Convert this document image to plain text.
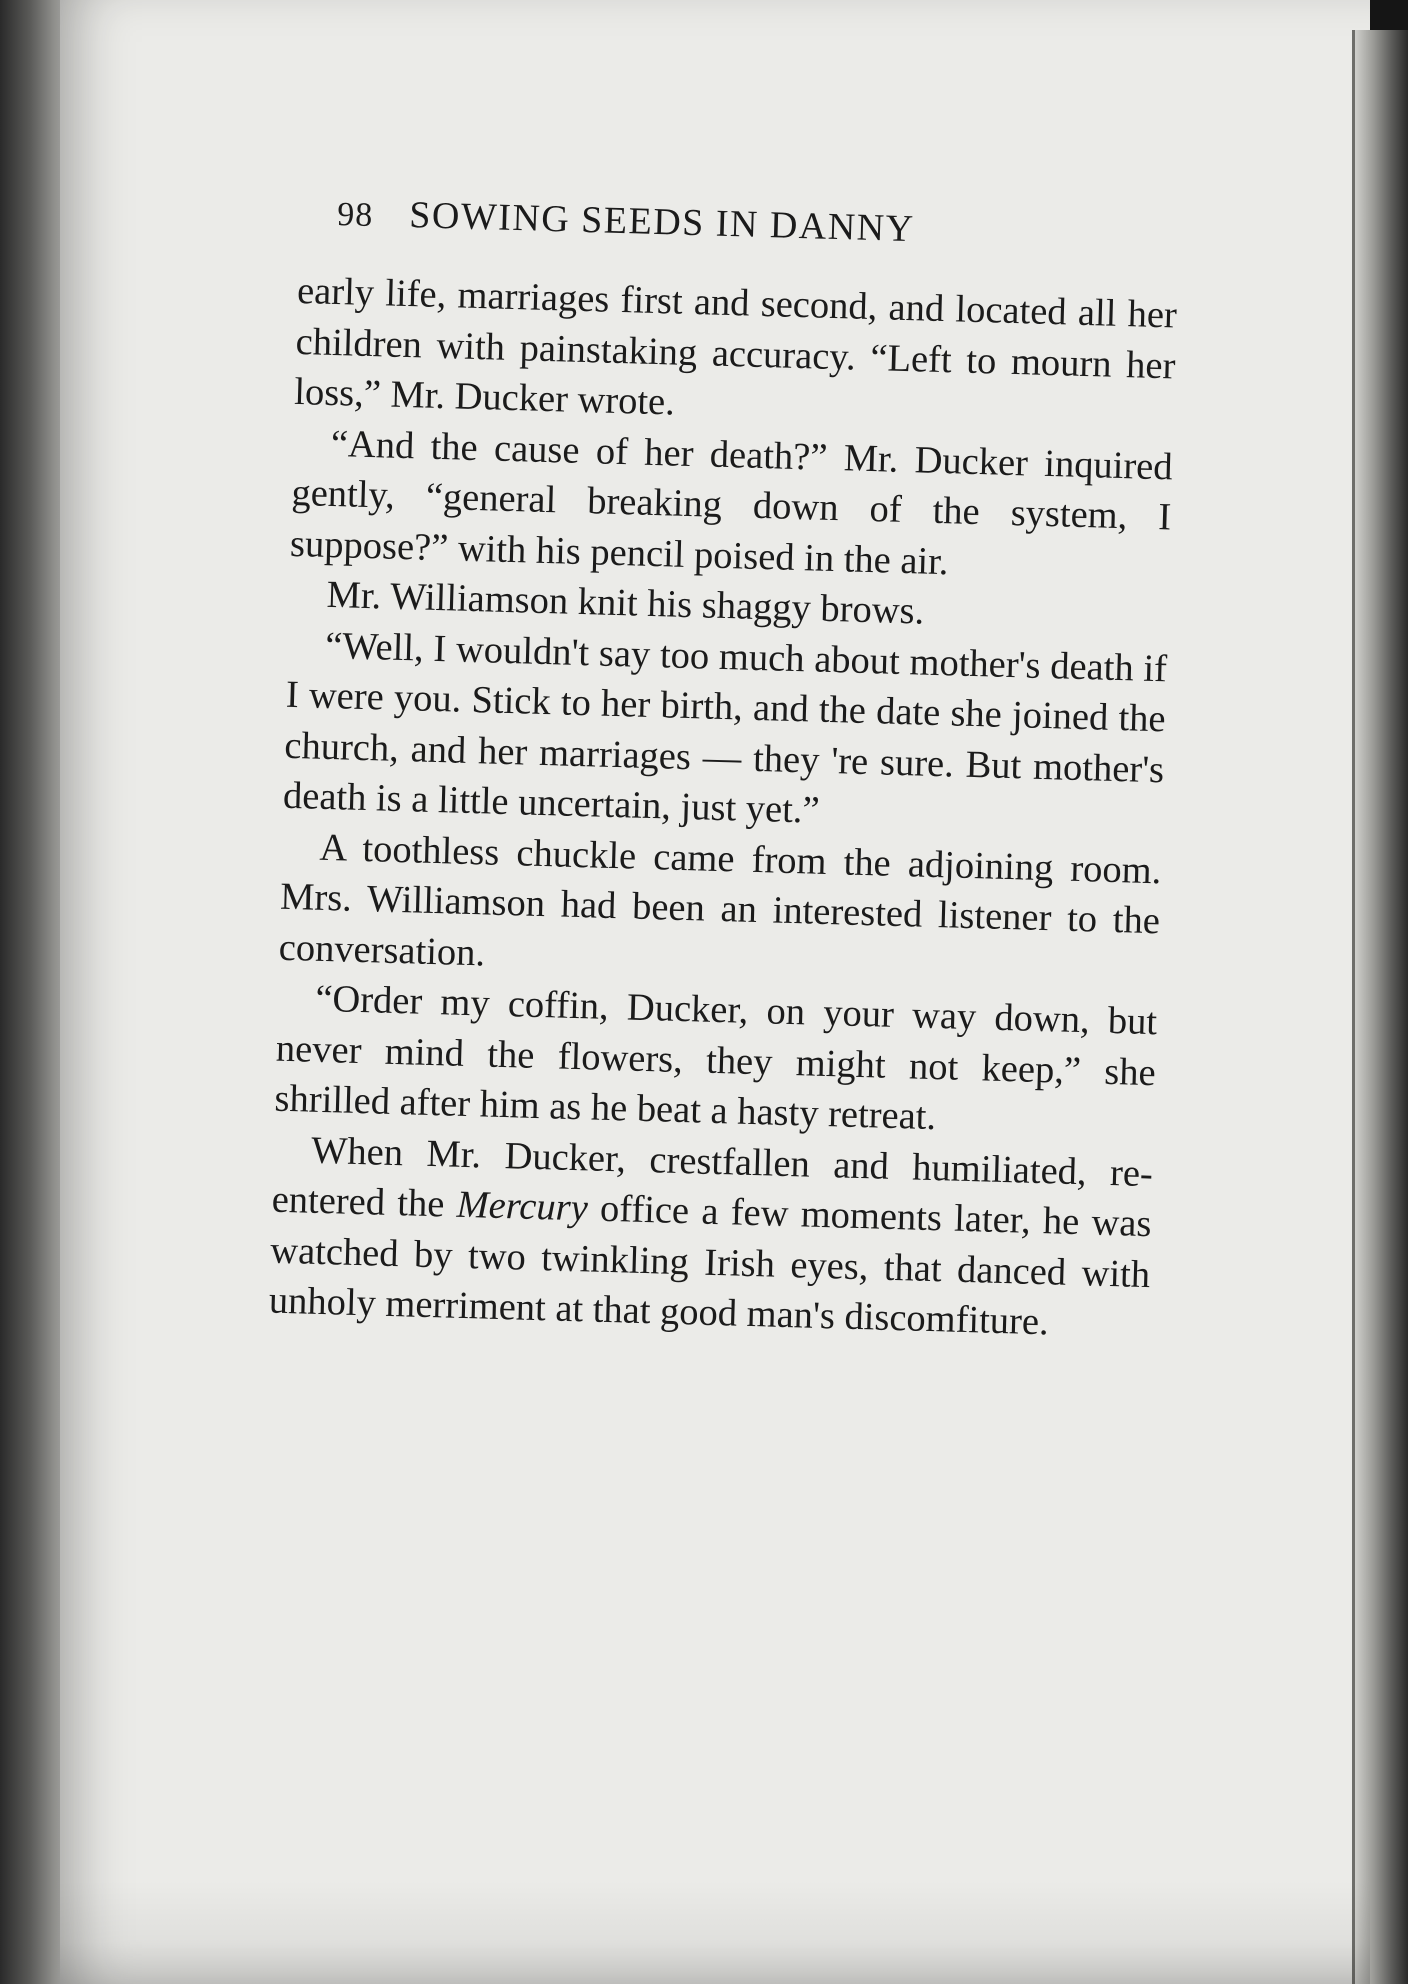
98 SOWING SEEDS IN DANNY

early life, marriages first and second, and located all her children with painstaking accuracy. “Left to mourn her loss,” Mr. Ducker wrote.

“And the cause of her death?” Mr. Ducker inquired gently, “general breaking down of the system, I suppose?” with his pencil poised in the air.

Mr. Williamson knit his shaggy brows.

“Well, I wouldn't say too much about mother's death if I were you. Stick to her birth, and the date she joined the church, and her marriages — they 're sure. But mother's death is a little uncertain, just yet.”

A toothless chuckle came from the adjoining room. Mrs. Williamson had been an interested listener to the conversation.

“Order my coffin, Ducker, on your way down, but never mind the flowers, they might not keep,” she shrilled after him as he beat a hasty retreat.

When Mr. Ducker, crestfallen and humiliated, re-entered the Mercury office a few moments later, he was watched by two twinkling Irish eyes, that danced with unholy merriment at that good man's discomfiture.
